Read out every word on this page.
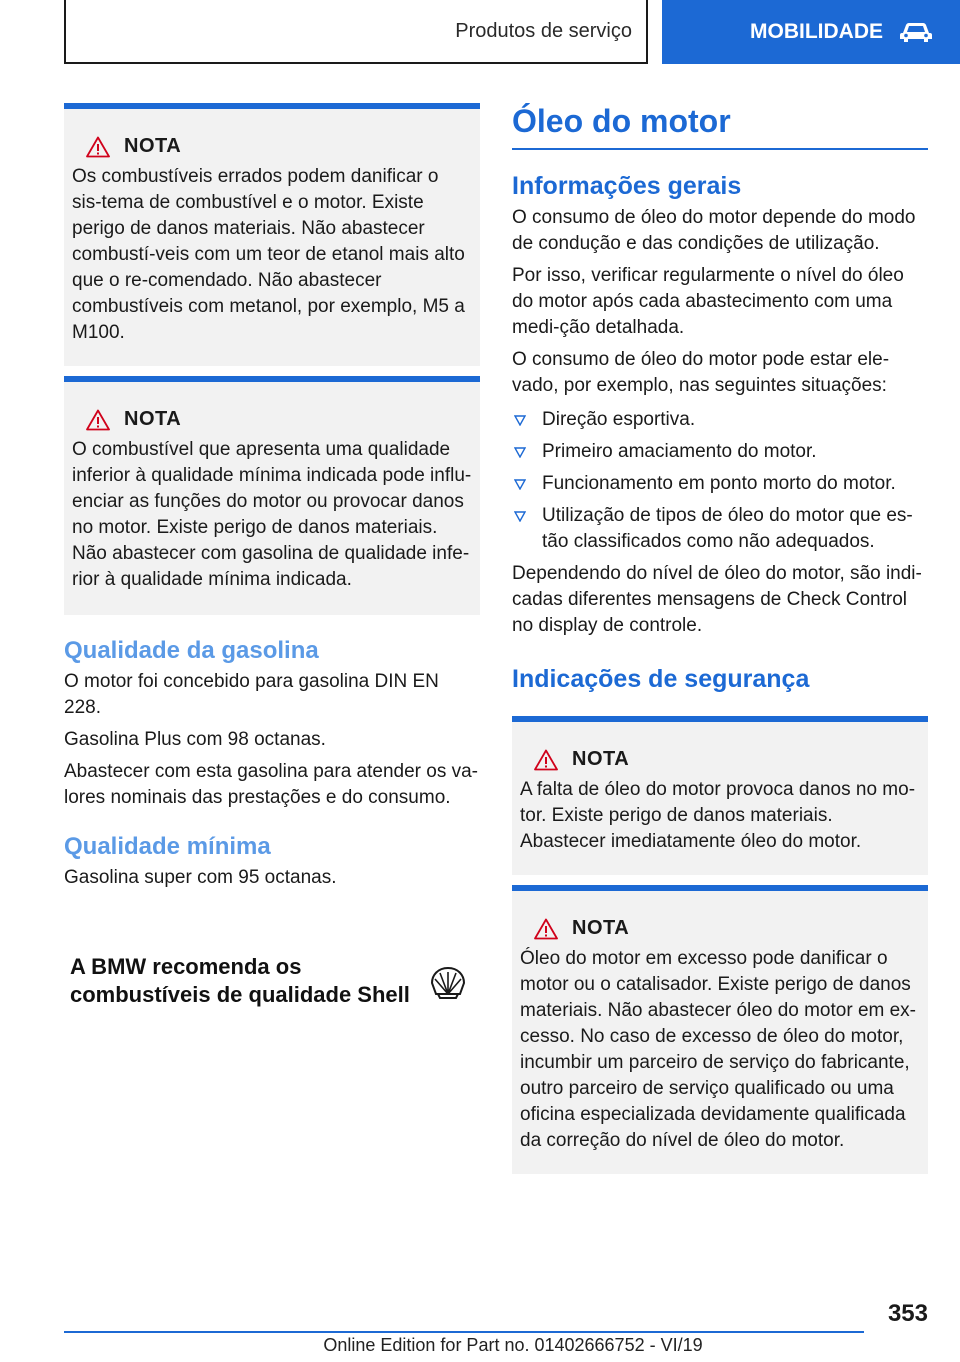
Produtos de serviço	MOBILIDADE
NOTA

Os combustíveis errados podem danificar o sis-tema de combustível e o motor. Existe perigo de danos materiais. Não abastecer combustí-veis com um teor de etanol mais alto que o re-comendado. Não abastecer combustíveis com metanol, por exemplo, M5 a M100.

NOTA

O combustível que apresenta uma qualidade inferior à qualidade mínima indicada pode influ-enciar as funções do motor ou provocar danos no motor. Existe perigo de danos materiais. Não abastecer com gasolina de qualidade infe-rior à qualidade mínima indicada.

Qualidade da gasolina

O motor foi concebido para gasolina DIN EN 228.

Gasolina Plus com 98 octanas.

Abastecer com esta gasolina para atender os va-lores nominais das prestações e do consumo.

Qualidade mínima

Gasolina super com 95 octanas.

A BMW recomenda os
combustíveis de qualidade Shell
Óleo do motor
Informações gerais

O consumo de óleo do motor depende do modo de condução e das condições de utilização.

Por isso, verificar regularmente o nível do óleo do motor após cada abastecimento com uma medi-ção detalhada.

O consumo de óleo do motor pode estar ele-vado, por exemplo, nas seguintes situações:

Direção esportiva.
Primeiro amaciamento do motor.
Funcionamento em ponto morto do motor.
Utilização de tipos de óleo do motor que es-tão classificados como não adequados.

Dependendo do nível de óleo do motor, são indi-cadas diferentes mensagens de Check Control no display de controle.

Indicações de segurança
NOTA

A falta de óleo do motor provoca danos no mo-tor. Existe perigo de danos materiais. Abastecer imediatamente óleo do motor.

NOTA

Óleo do motor em excesso pode danificar o motor ou o catalisador. Existe perigo de danos materiais. Não abastecer óleo do motor em ex-cesso. No caso de excesso de óleo do motor, incumbir um parceiro de serviço do fabricante, outro parceiro de serviço qualificado ou uma oficina especializada devidamente qualificada da correção do nível de óleo do motor.

353
Online Edition for Part no. 01402666752 - VI/19
